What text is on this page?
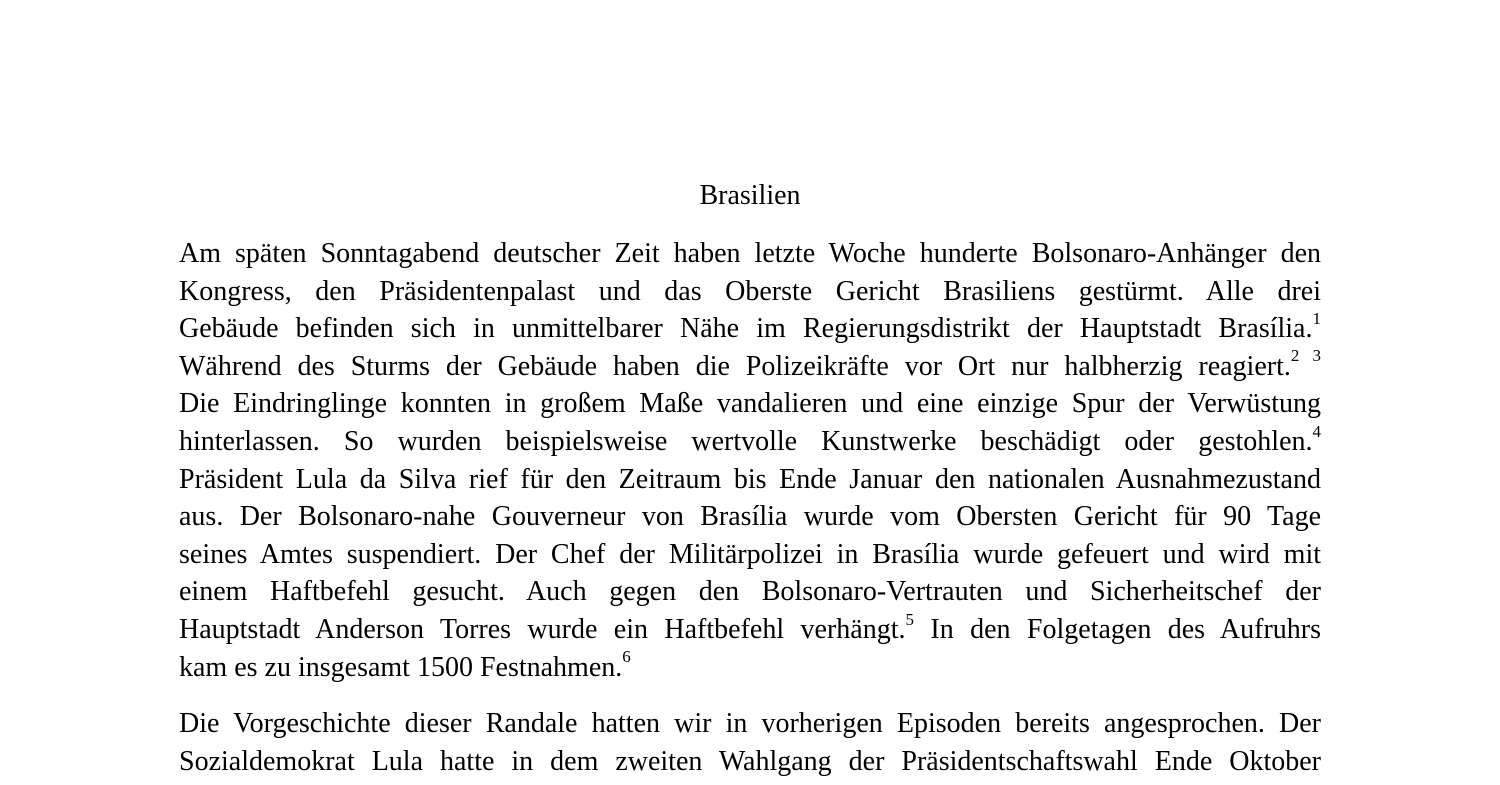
Brasilien
Am späten Sonntagabend deutscher Zeit haben letzte Woche hunderte Bolsonaro-Anhänger den
Kongress, den Präsidentenpalast und das Oberste Gericht Brasiliens gestürmt. Alle drei
Gebäude befinden sich in unmittelbarer Nähe im Regierungsdistrikt der Hauptstadt Brasília.$^1$
Während des Sturms der Gebäude haben die Polizeikräfte vor Ort nur halbherzig reagiert.$^{2 3}$
Die Eindringlinge konnten in großem Maße vandalieren und eine einzige Spur der Verwüstung
hinterlassen. So wurden beispielsweise wertvolle Kunstwerke beschädigt oder gestohlen.$^4$
Präsident Lula da Silva rief für den Zeitraum bis Ende Januar den nationalen Ausnahmezustand
aus. Der Bolsonaro-nahe Gouverneur von Brasília wurde vom Obersten Gericht für 90 Tage
seines Amtes suspendiert. Der Chef der Militärpolizei in Brasília wurde gefeuert und wird mit
einem Haftbefehl gesucht. Auch gegen den Bolsonaro-Vertrauten und Sicherheitschef der
Hauptstadt Anderson Torres wurde ein Haftbefehl verhängt.$^5$ In den Folgetagen des Aufruhrs
kam es zu insgesamt 1500 Festnahmen.$^6$
Die Vorgeschichte dieser Randale hatten wir in vorherigen Episoden bereits angesprochen. Der
Sozialdemokrat Lula hatte in dem zweiten Wahlgang der Präsidentschaftswahl Ende Oktober
